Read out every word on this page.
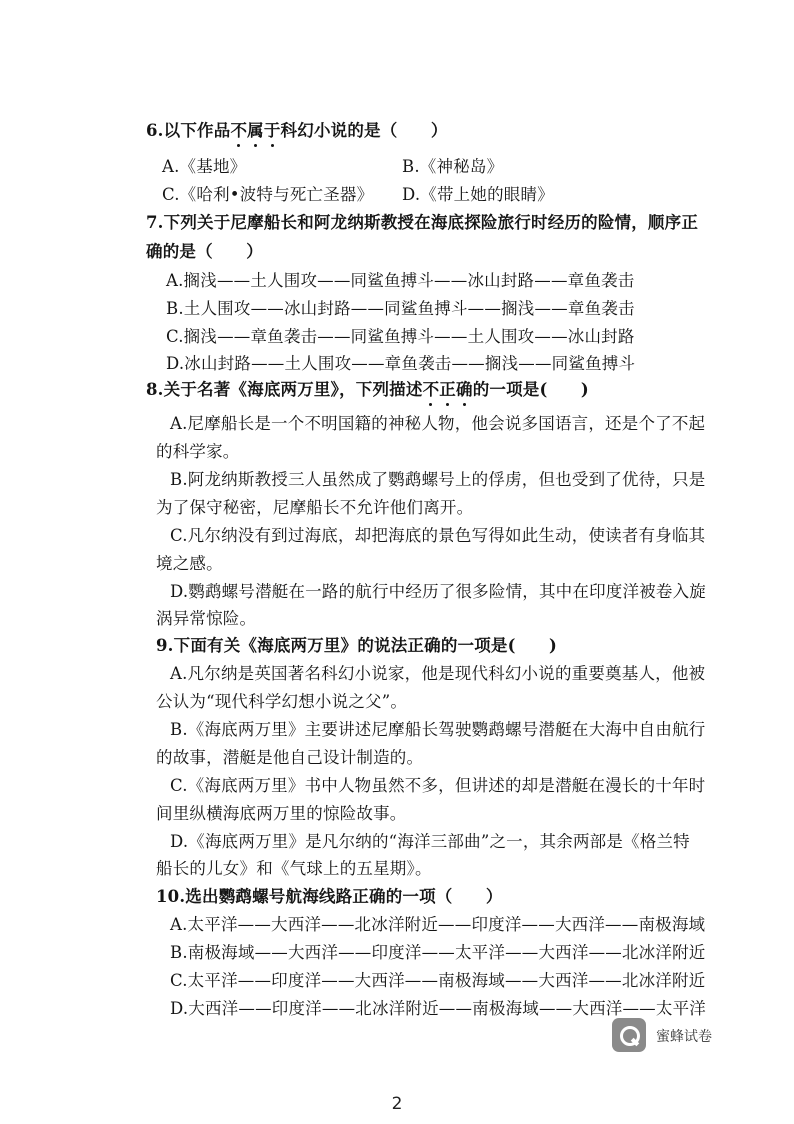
6.以下作品不属于科幻小说的是（　　）
A.《基地》	B.《神秘岛》
C.《哈利•波特与死亡圣器》 D.《带上她的眼睛》
7.下列关于尼摩船长和阿龙纳斯教授在海底探险旅行时经历的险情，顺序正
确的是（　　）
A.搁浅——土人围攻——同鲨鱼搏斗——冰山封路——章鱼袭击
B.土人围攻——冰山封路——同鲨鱼搏斗——搁浅——章鱼袭击
C.搁浅——章鱼袭击——同鲨鱼搏斗——土人围攻——冰山封路
D.冰山封路——土人围攻——章鱼袭击——搁浅——同鲨鱼搏斗
8.关于名著《海底两万里》，下列描述不正确的一项是(　　)
A.尼摩船长是一个不明国籍的神秘人物，他会说多国语言，还是个了不起
的科学家。
B.阿龙纳斯教授三人虽然成了鹦鹉螺号上的俘虏，但也受到了优待，只是
为了保守秘密，尼摩船长不允许他们离开。
C.凡尔纳没有到过海底，却把海底的景色写得如此生动，使读者有身临其
境之感。
D.鹦鹉螺号潜艇在一路的航行中经历了很多险情，其中在印度洋被卷入旋
涡异常惊险。
9.下面有关《海底两万里》的说法正确的一项是(　　)
A.凡尔纳是英国著名科幻小说家，他是现代科幻小说的重要奠基人，他被
公认为“现代科学幻想小说之父”。
B.《海底两万里》主要讲述尼摩船长驾驶鹦鹉螺号潜艇在大海中自由航行
的故事，潜艇是他自己设计制造的。
C.《海底两万里》书中人物虽然不多，但讲述的却是潜艇在漫长的十年时
间里纵横海底两万里的惊险故事。
D.《海底两万里》是凡尔纳的“海洋三部曲”之一，其余两部是《格兰特
船长的儿女》和《气球上的五星期》。
10.选出鹦鹉螺号航海线路正确的一项（　　）
A.太平洋——大西洋——北冰洋附近——印度洋——大西洋——南极海域
B.南极海域——大西洋——印度洋——太平洋——大西洋——北冰洋附近
C.太平洋——印度洋——大西洋——南极海域——大西洋——北冰洋附近
D.大西洋——印度洋——北冰洋附近——南极海域——大西洋——太平洋
蜜蜂试卷
2
